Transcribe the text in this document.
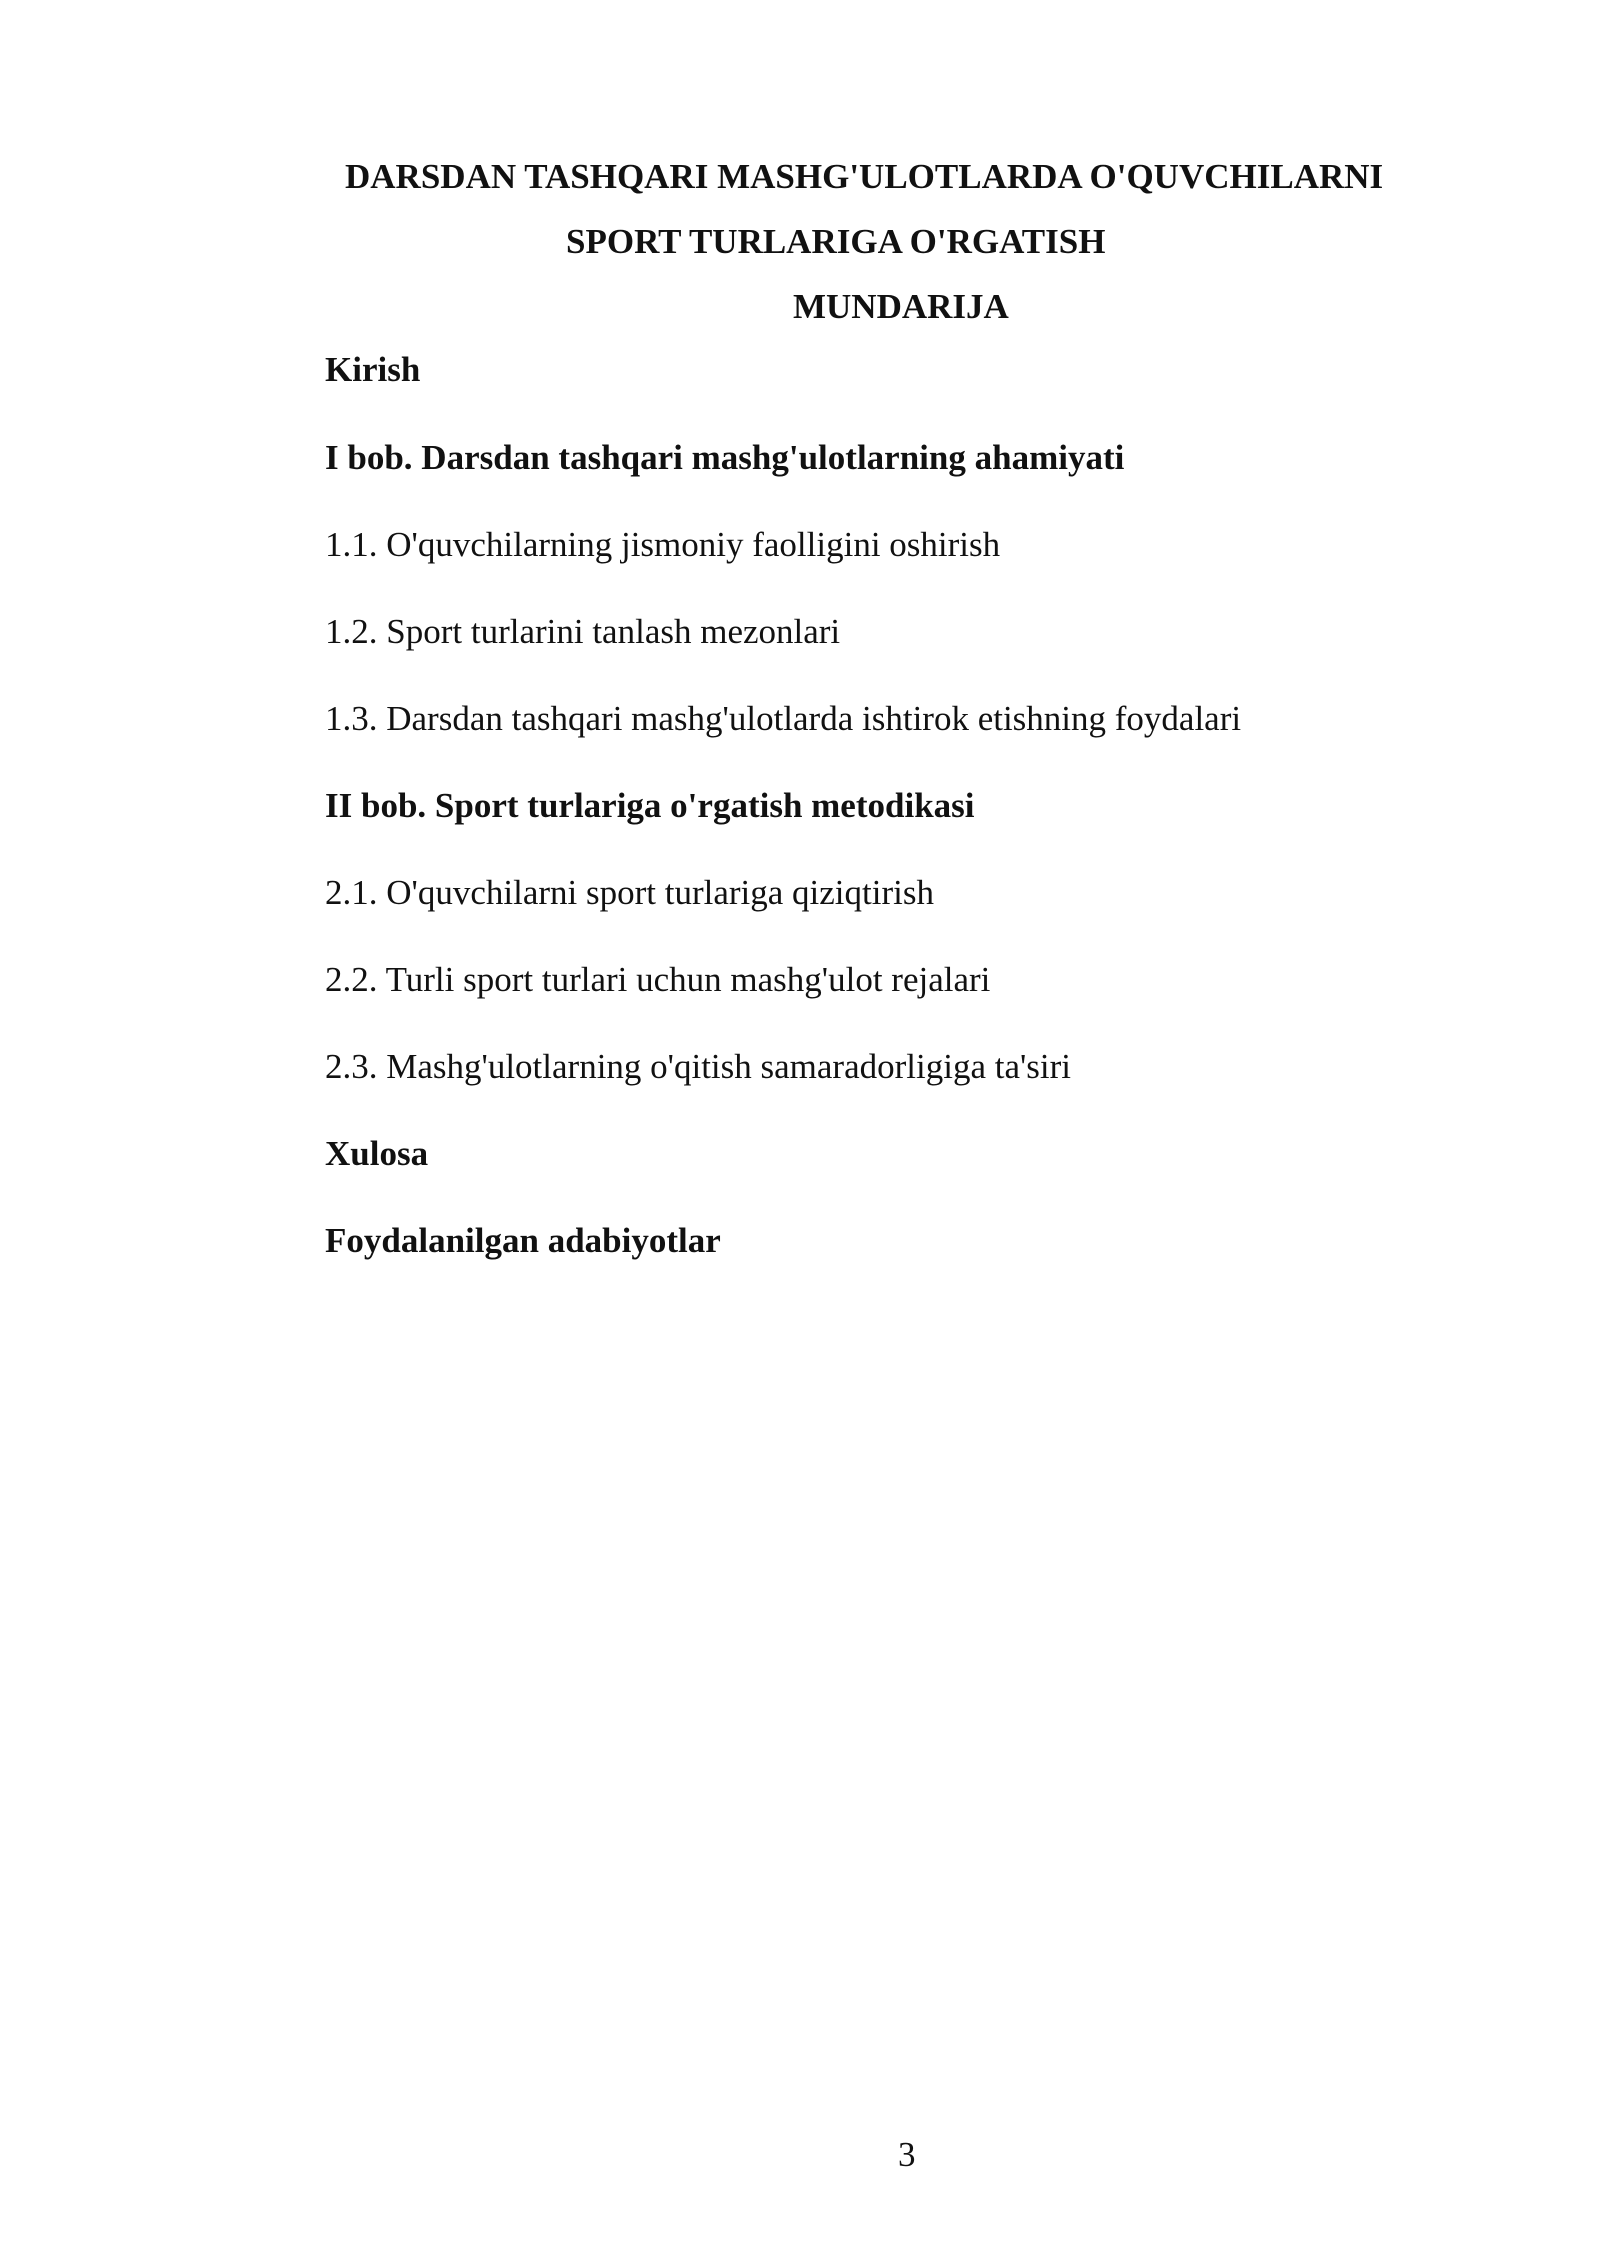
DARSDAN TASHQARI MASHG'ULOTLARDA O'QUVCHILARNI
SPORT TURLARIGA O'RGATISH
MUNDARIJA
Kirish
I bob. Darsdan tashqari mashg'ulotlarning ahamiyati
1.1. O'quvchilarning jismoniy faolligini oshirish
1.2. Sport turlarini tanlash mezonlari
1.3. Darsdan tashqari mashg'ulotlarda ishtirok etishning foydalari
II bob. Sport turlariga o'rgatish metodikasi
2.1. O'quvchilarni sport turlariga qiziqtirish
2.2. Turli sport turlari uchun mashg'ulot rejalari
2.3. Mashg'ulotlarning o'qitish samaradorligiga ta'siri
Xulosa
Foydalanilgan adabiyotlar
3
